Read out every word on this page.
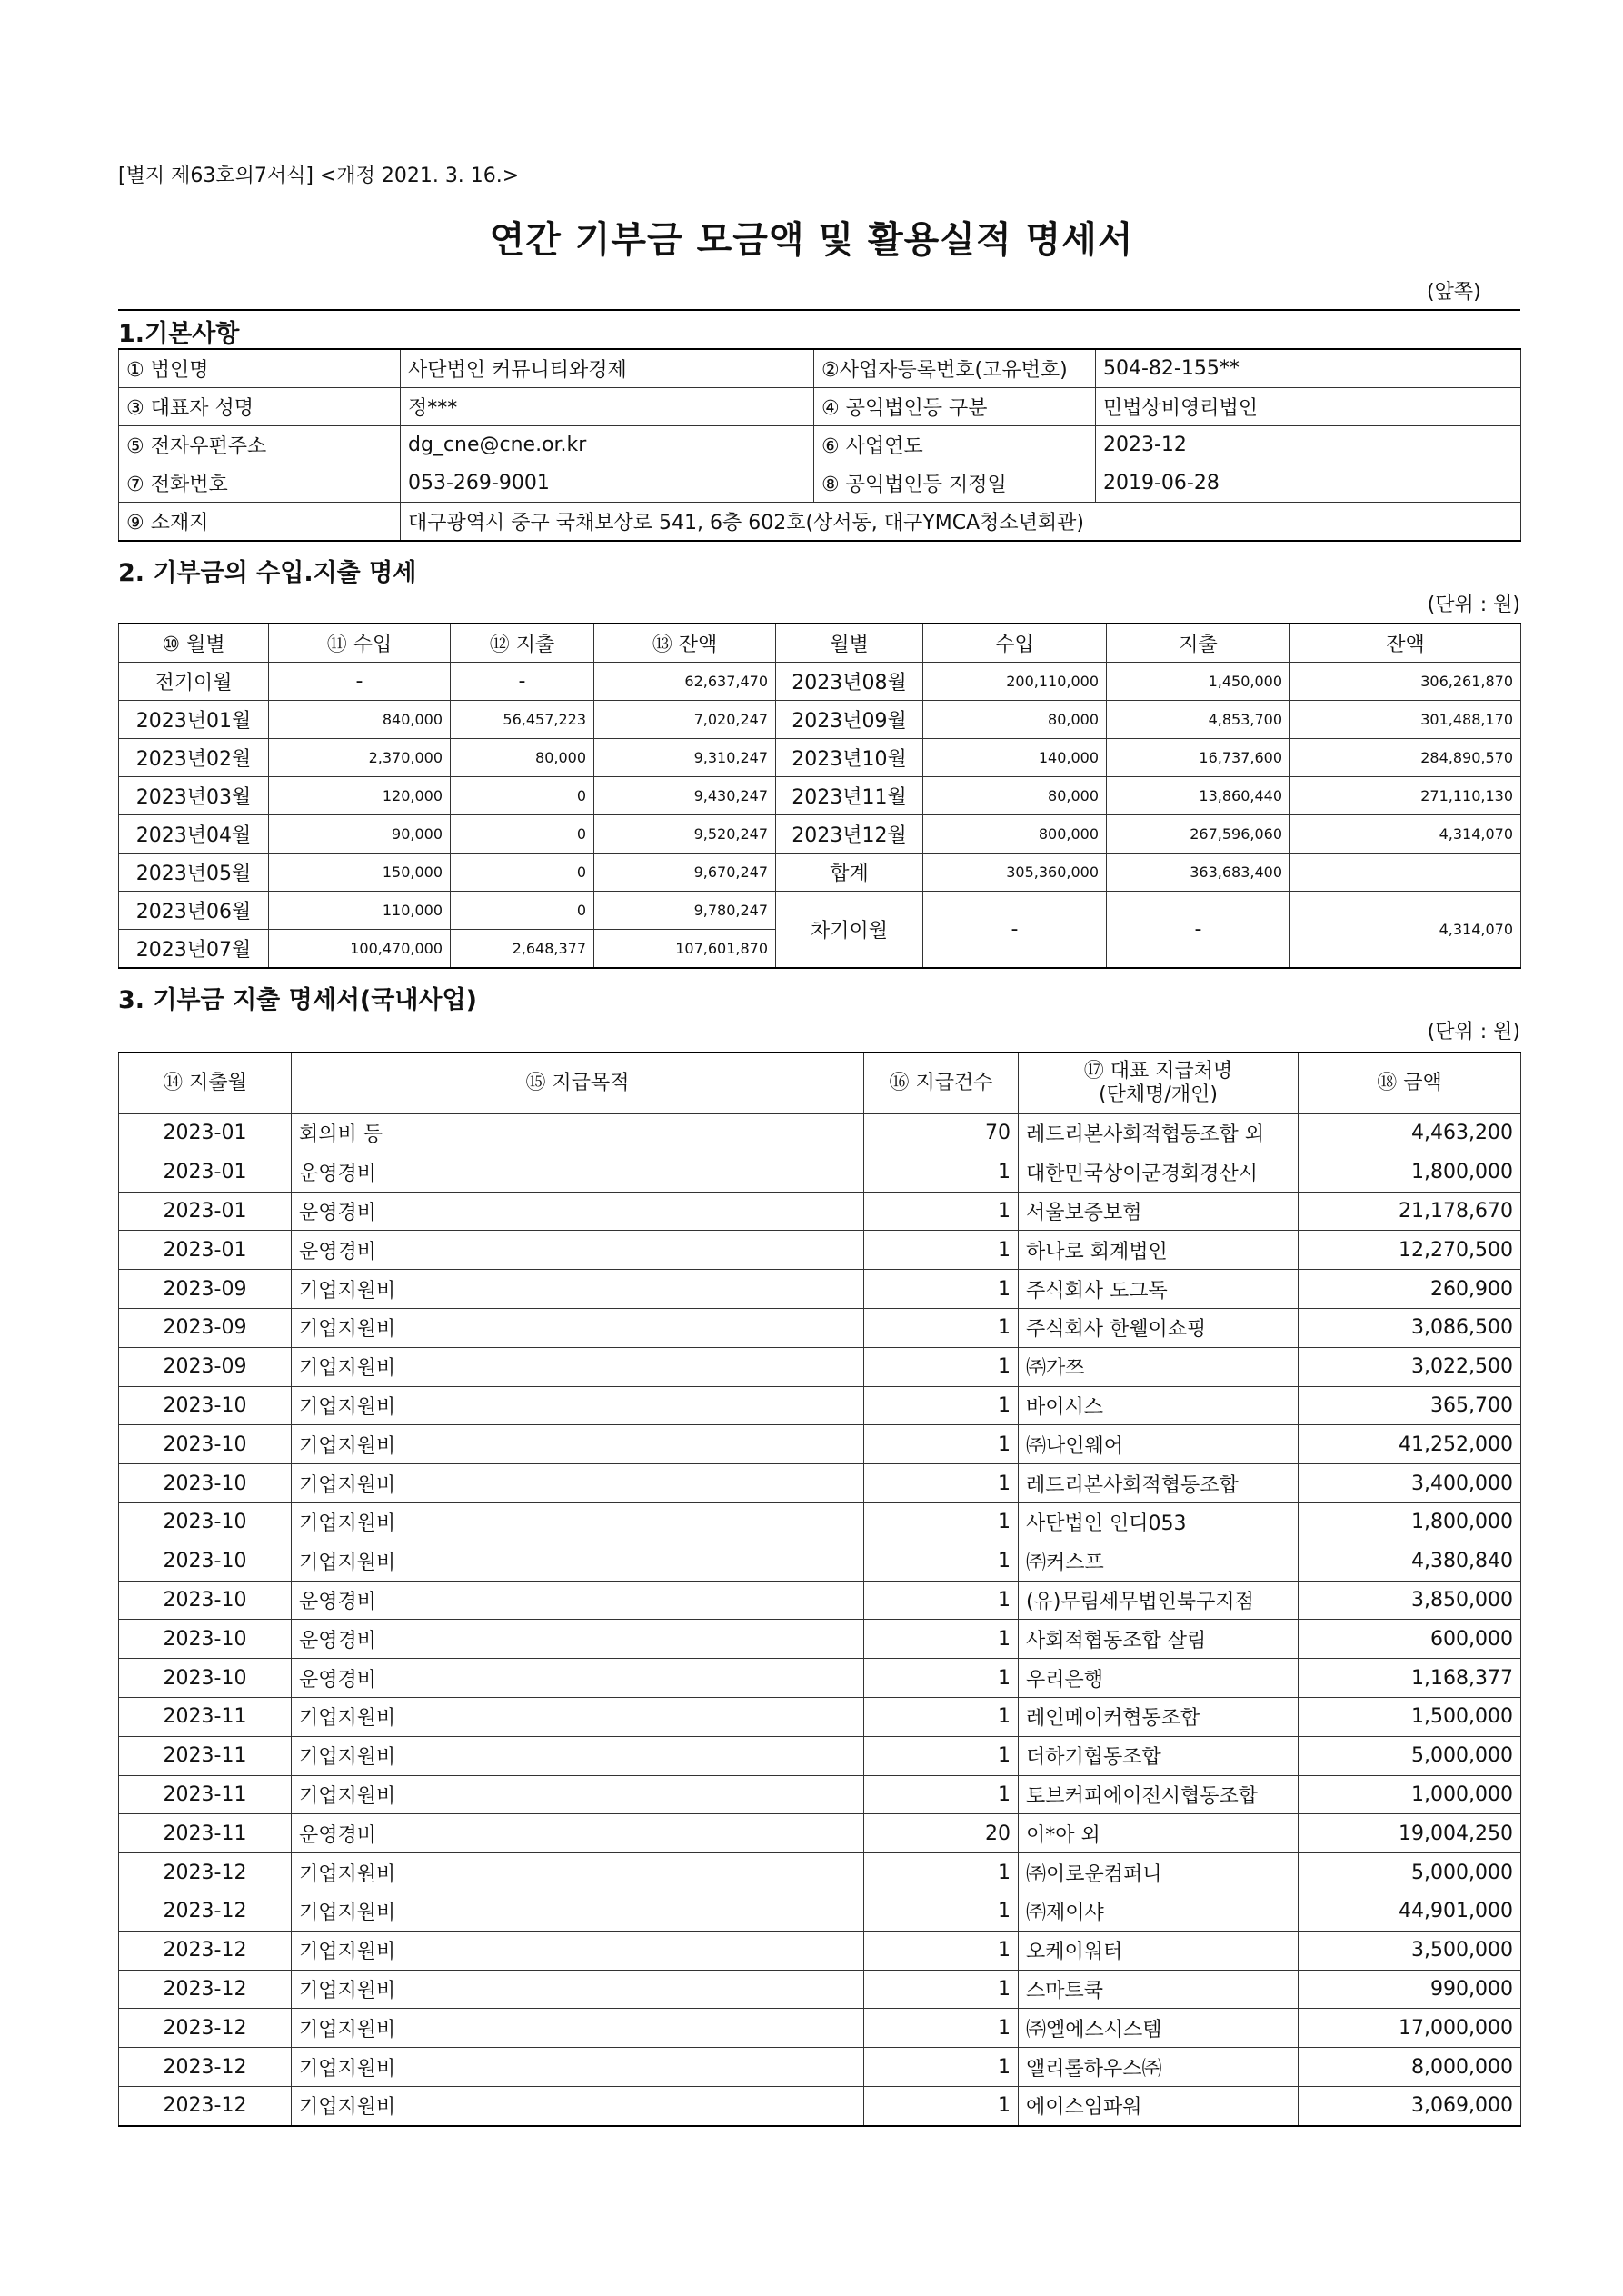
[별지 제63호의7서식] <개정 2021. 3. 16.>
연간 기부금 모금액 및 활용실적 명세서
(앞쪽)
1.기본사항
① 법인명	사단법인 커뮤니티와경제	②사업자등록번호(고유번호)	504-82-155**
③ 대표자 성명	정***	④ 공익법인등 구분	민법상비영리법인
⑤ 전자우편주소	dg_cne@cne.or.kr	⑥ 사업연도	2023-12
⑦ 전화번호	053-269-9001	⑧ 공익법인등 지정일	2019-06-28
⑨ 소재지	대구광역시 중구 국채보상로 541, 6층 602호(상서동, 대구YMCA청소년회관)		
2. 기부금의 수입.지출 명세
(단위 : 원)
⑩ 월별	⑪ 수입	⑫ 지출	⑬ 잔액	월별	수입	지출	잔액
전기이월	-	-	62,637,470	2023년08월	200,110,000	1,450,000	306,261,870
2023년01월	840,000	56,457,223	7,020,247	2023년09월	80,000	4,853,700	301,488,170
2023년02월	2,370,000	80,000	9,310,247	2023년10월	140,000	16,737,600	284,890,570
2023년03월	120,000	0	9,430,247	2023년11월	80,000	13,860,440	271,110,130
2023년04월	90,000	0	9,520,247	2023년12월	800,000	267,596,060	4,314,070
2023년05월	150,000	0	9,670,247	합계	305,360,000	363,683,400	
2023년06월	110,000	0	9,780,247	차기이월	-	-	4,314,070
2023년07월	100,470,000	2,648,377	107,601,870				
3. 기부금 지출 명세서(국내사업)
(단위 : 원)
⑭ 지출월	⑮ 지급목적	⑯ 지급건수	⑰ 대표 지급처명
(단체명/개인)	⑱ 금액
2023-01	회의비 등	70	레드리본사회적협동조합 외	4,463,200
2023-01	운영경비	1	대한민국상이군경회경산시	1,800,000
2023-01	운영경비	1	서울보증보험	21,178,670
2023-01	운영경비	1	하나로 회계법인	12,270,500
2023-09	기업지원비	1	주식회사 도그독	260,900
2023-09	기업지원비	1	주식회사 한웰이쇼핑	3,086,500
2023-09	기업지원비	1	㈜가쯔	3,022,500
2023-10	기업지원비	1	바이시스	365,700
2023-10	기업지원비	1	㈜나인웨어	41,252,000
2023-10	기업지원비	1	레드리본사회적협동조합	3,400,000
2023-10	기업지원비	1	사단법인 인디053	1,800,000
2023-10	기업지원비	1	㈜커스프	4,380,840
2023-10	운영경비	1	(유)무림세무법인북구지점	3,850,000
2023-10	운영경비	1	사회적협동조합 살림	600,000
2023-10	운영경비	1	우리은행	1,168,377
2023-11	기업지원비	1	레인메이커협동조합	1,500,000
2023-11	기업지원비	1	더하기협동조합	5,000,000
2023-11	기업지원비	1	토브커피에이전시협동조합	1,000,000
2023-11	운영경비	20	이*아 외	19,004,250
2023-12	기업지원비	1	㈜이로운컴퍼니	5,000,000
2023-12	기업지원비	1	㈜제이샤	44,901,000
2023-12	기업지원비	1	오케이워터	3,500,000
2023-12	기업지원비	1	스마트쿡	990,000
2023-12	기업지원비	1	㈜엘에스시스템	17,000,000
2023-12	기업지원비	1	앨리롤하우스㈜	8,000,000
2023-12	기업지원비	1	에이스임파워	3,069,000
